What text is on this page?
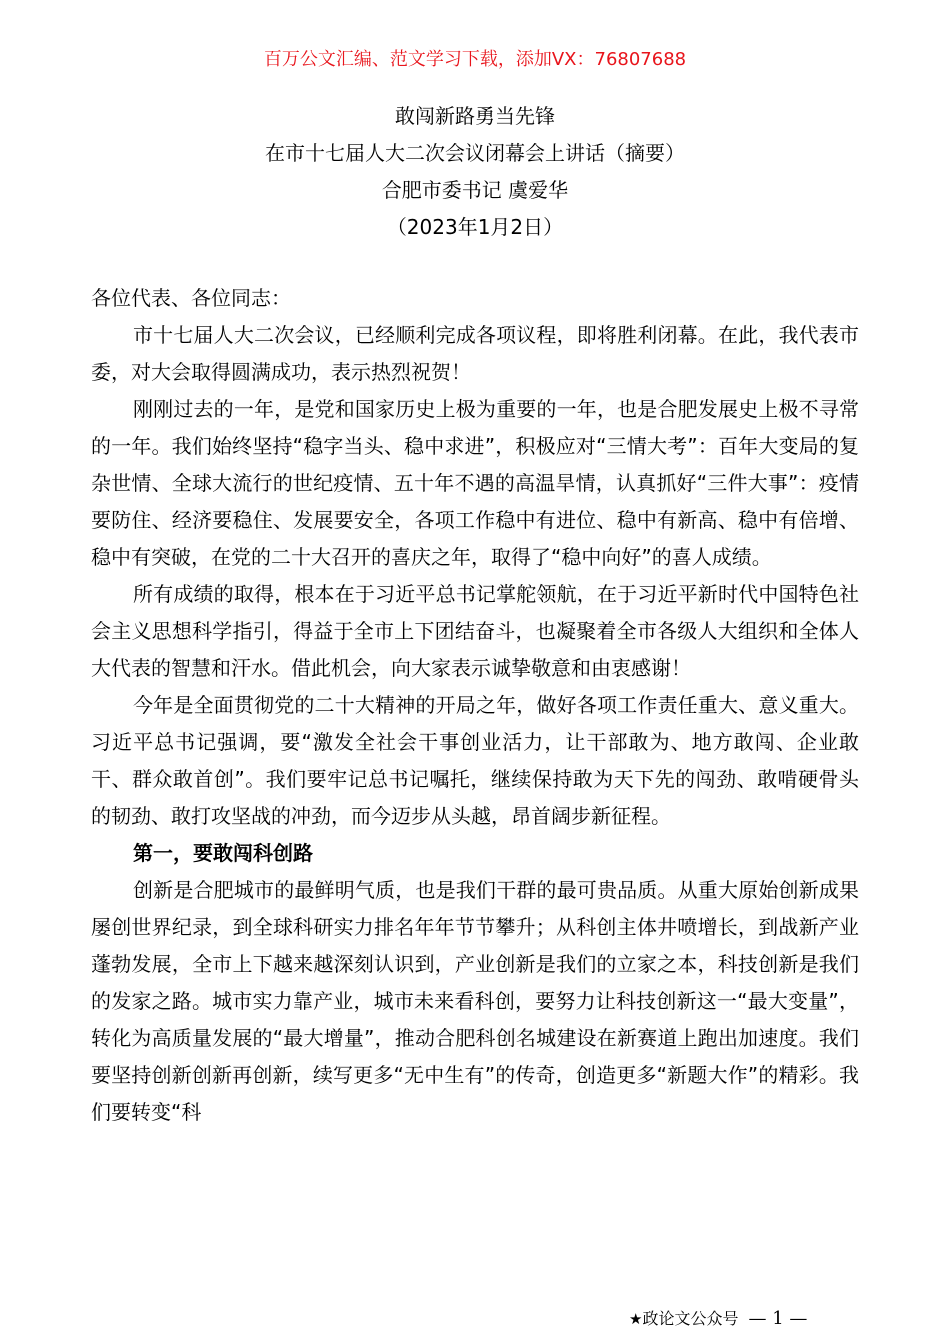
百万公文汇编、范文学习下载，添加VX：76807688

敢闯新路勇当先锋

在市十七届人大二次会议闭幕会上讲话（摘要）

合肥市委书记 虞爱华

（2023年1月2日）

各位代表、各位同志：

市十七届人大二次会议，已经顺利完成各项议程，即将胜利闭幕。在此，我代表市委，对大会取得圆满成功，表示热烈祝贺！

刚刚过去的一年，是党和国家历史上极为重要的一年，也是合肥发展史上极不寻常的一年。我们始终坚持“稳字当头、稳中求进”，积极应对“三情大考”：百年大变局的复杂世情、全球大流行的世纪疫情、五十年不遇的高温旱情，认真抓好“三件大事”：疫情要防住、经济要稳住、发展要安全，各项工作稳中有进位、稳中有新高、稳中有倍增、稳中有突破，在党的二十大召开的喜庆之年，取得了“稳中向好”的喜人成绩。

所有成绩的取得，根本在于习近平总书记掌舵领航，在于习近平新时代中国特色社会主义思想科学指引，得益于全市上下团结奋斗，也凝聚着全市各级人大组织和全体人大代表的智慧和汗水。借此机会，向大家表示诚挚敬意和由衷感谢！

今年是全面贯彻党的二十大精神的开局之年，做好各项工作责任重大、意义重大。习近平总书记强调，要“激发全社会干事创业活力，让干部敢为、地方敢闯、企业敢干、群众敢首创”。我们要牢记总书记嘱托，继续保持敢为天下先的闯劲、敢啃硬骨头的韧劲、敢打攻坚战的冲劲，而今迈步从头越，昂首阔步新征程。

第一，要敢闯科创路

创新是合肥城市的最鲜明气质，也是我们干群的最可贵品质。从重大原始创新成果屡创世界纪录，到全球科研实力排名年年节节攀升；从科创主体井喷增长，到战新产业蓬勃发展，全市上下越来越深刻认识到，产业创新是我们的立家之本，科技创新是我们的发家之路。城市实力靠产业，城市未来看科创，要努力让科技创新这一“最大变量”，转化为高质量发展的“最大增量”，推动合肥科创名城建设在新赛道上跑出加速度。我们要坚持创新创新再创新，续写更多“无中生有”的传奇，创造更多“新题大作”的精彩。我们要转变“科

★政论文公众号 — 1 —
